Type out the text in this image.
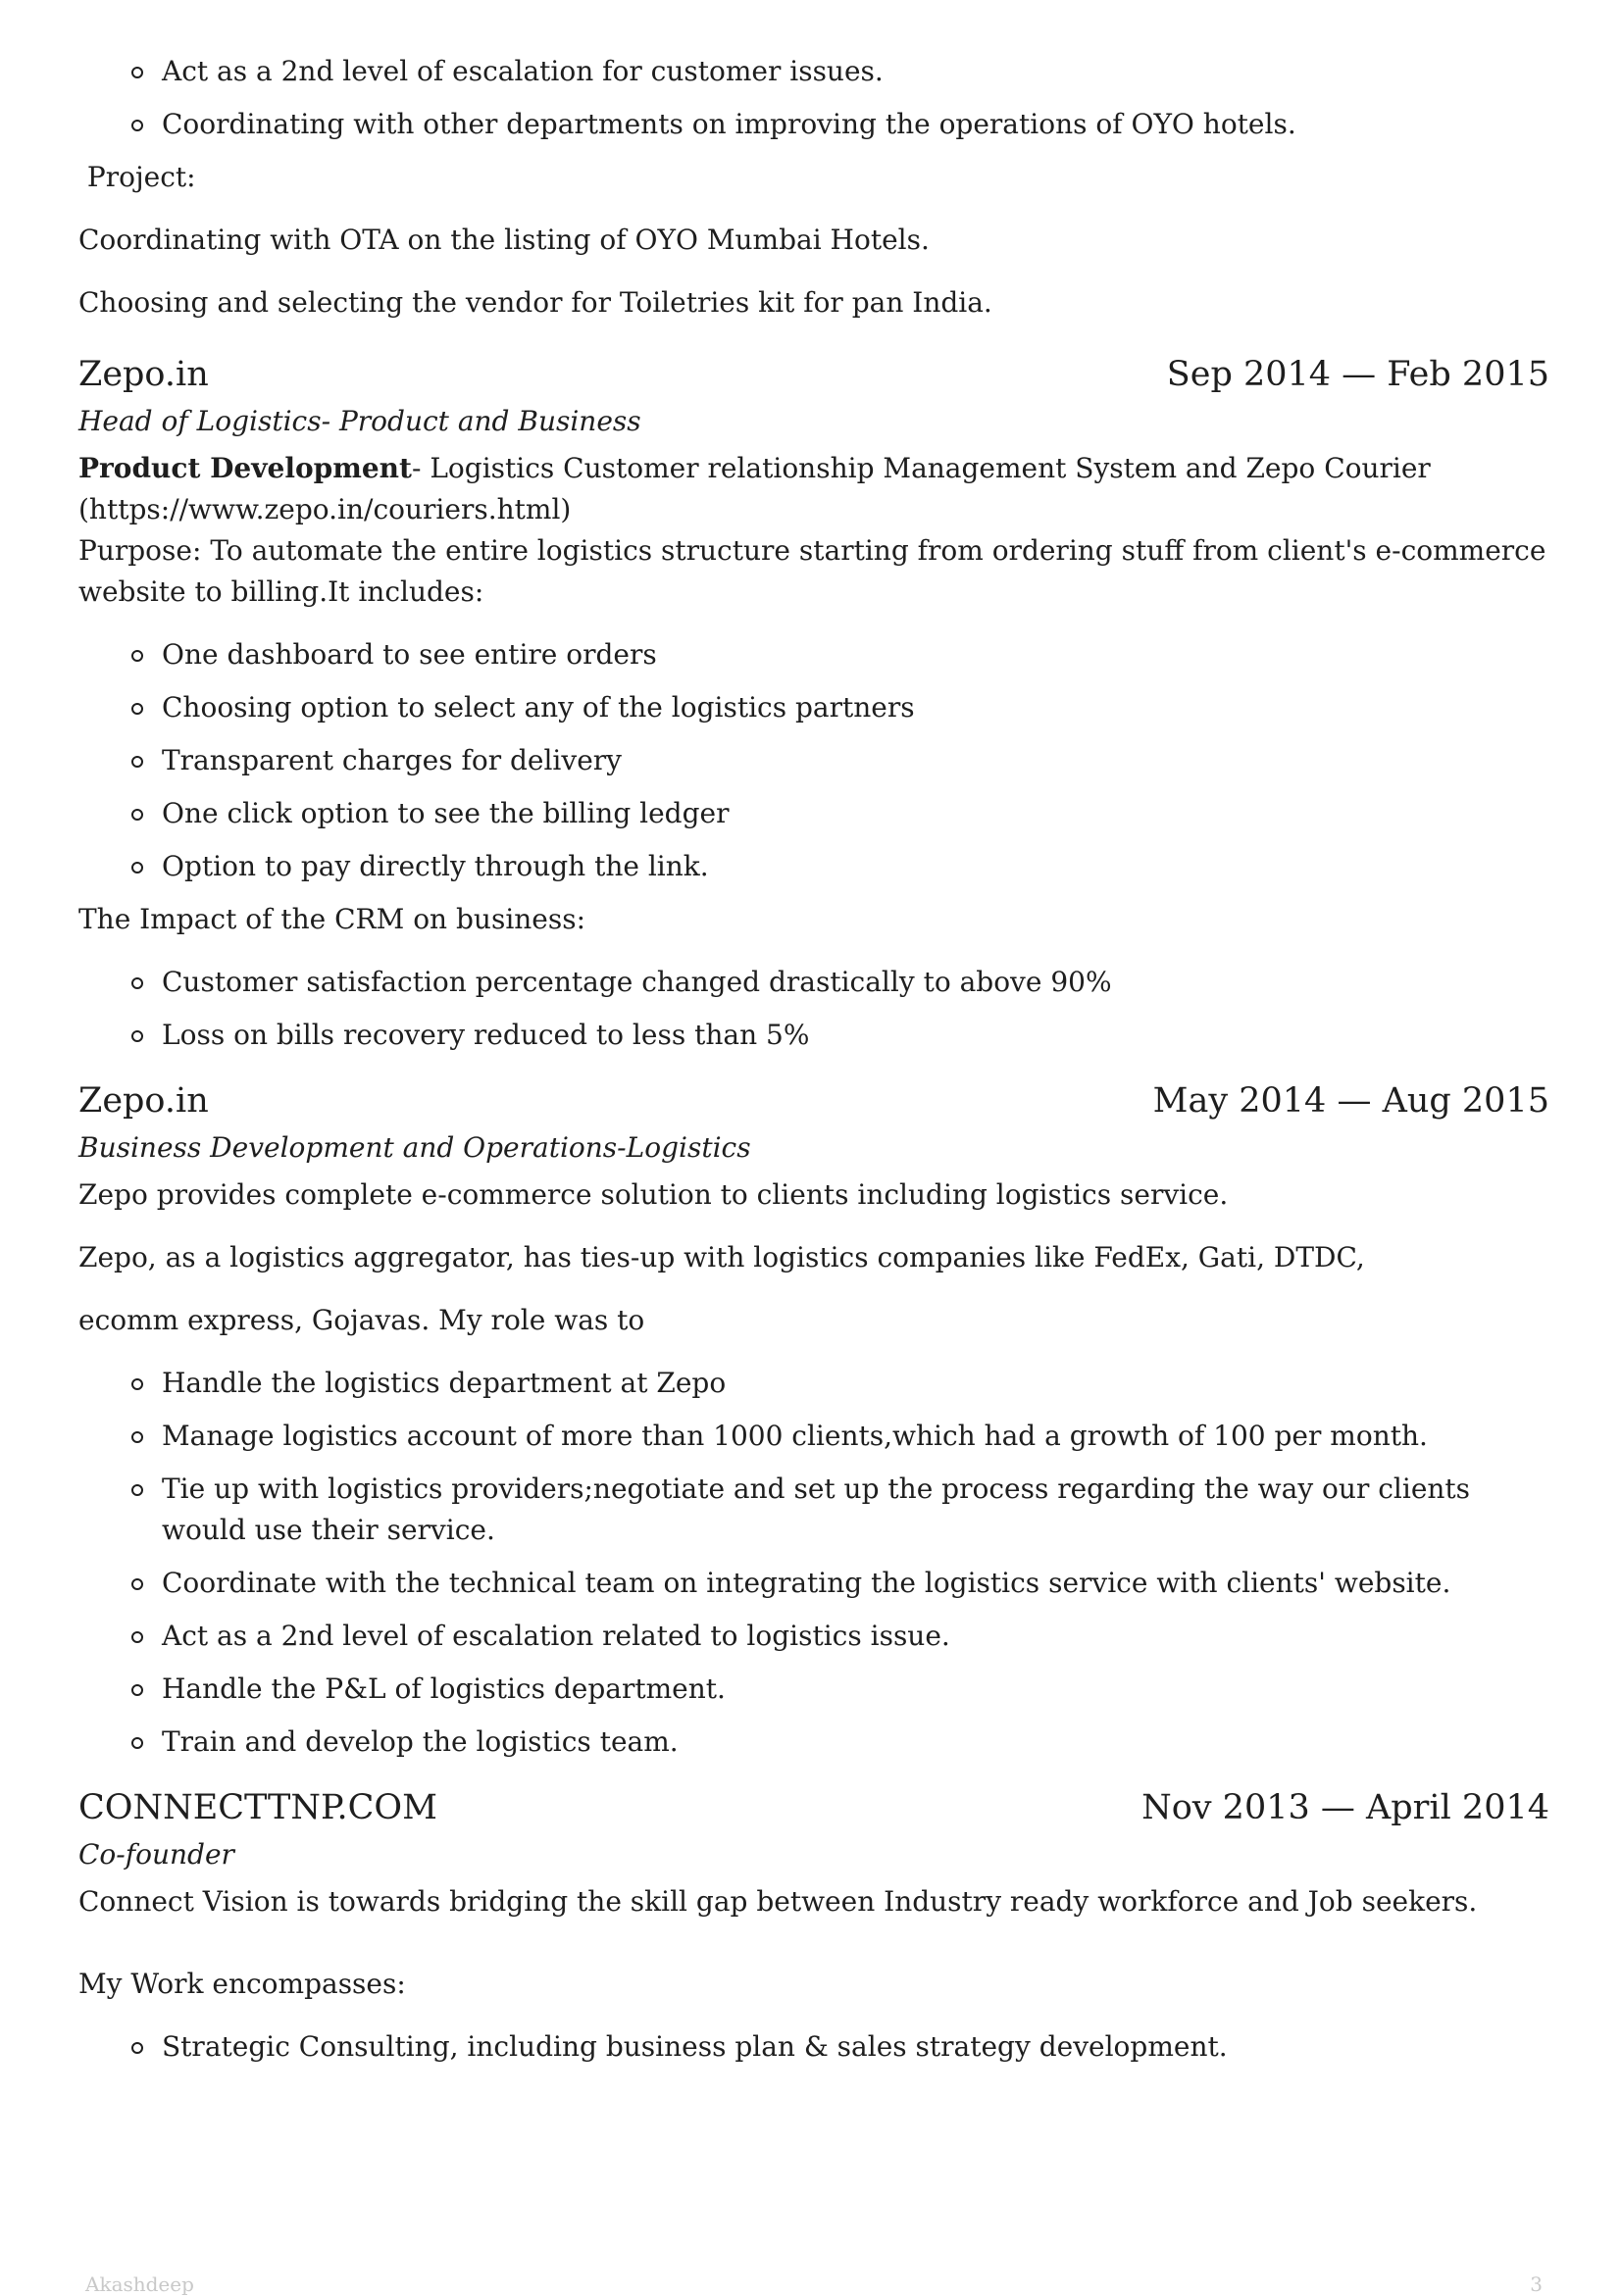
Act as a 2nd level of escalation for customer issues.
Coordinating with other departments on improving the operations of OYO hotels.

Project:

Coordinating with OTA on the listing of OYO Mumbai Hotels.

Choosing and selecting the vendor for Toiletries kit for pan India.

Zepo.in	Sep 2014 — Feb 2015

Head of Logistics- Product and Business

Product Development- Logistics Customer relationship Management System and Zepo Courier

(https://www.zepo.in/couriers.html)

Purpose: To automate the entire logistics structure starting from ordering stuff from client's e-commerce website to billing.It includes:

One dashboard to see entire orders
Choosing option to select any of the logistics partners
Transparent charges for delivery
One click option to see the billing ledger
Option to pay directly through the link.

The Impact of the CRM on business:

Customer satisfaction percentage changed drastically to above 90%
Loss on bills recovery reduced to less than 5%
Zepo.in	May 2014 — Aug 2015

Business Development and Operations-Logistics

Zepo provides complete e-commerce solution to clients including logistics service.

Zepo, as a logistics aggregator, has ties-up with logistics companies like FedEx, Gati, DTDC,

ecomm express, Gojavas. My role was to

Handle the logistics department at Zepo
Manage logistics account of more than 1000 clients,which had a growth of 100 per month.
Tie up with logistics providers;negotiate and set up the process regarding the way our clients would use their service.
Coordinate with the technical team on integrating the logistics service with clients' website.
Act as a 2nd level of escalation related to logistics issue.
Handle the P&L of logistics department.
Train and develop the logistics team.
CONNECTTNP.COM	Nov 2013 — April 2014

Co-founder

Connect Vision is towards bridging the skill gap between Industry ready workforce and Job seekers.

My Work encompasses:

Strategic Consulting, including business plan & sales strategy development.
Akashdeep	3
